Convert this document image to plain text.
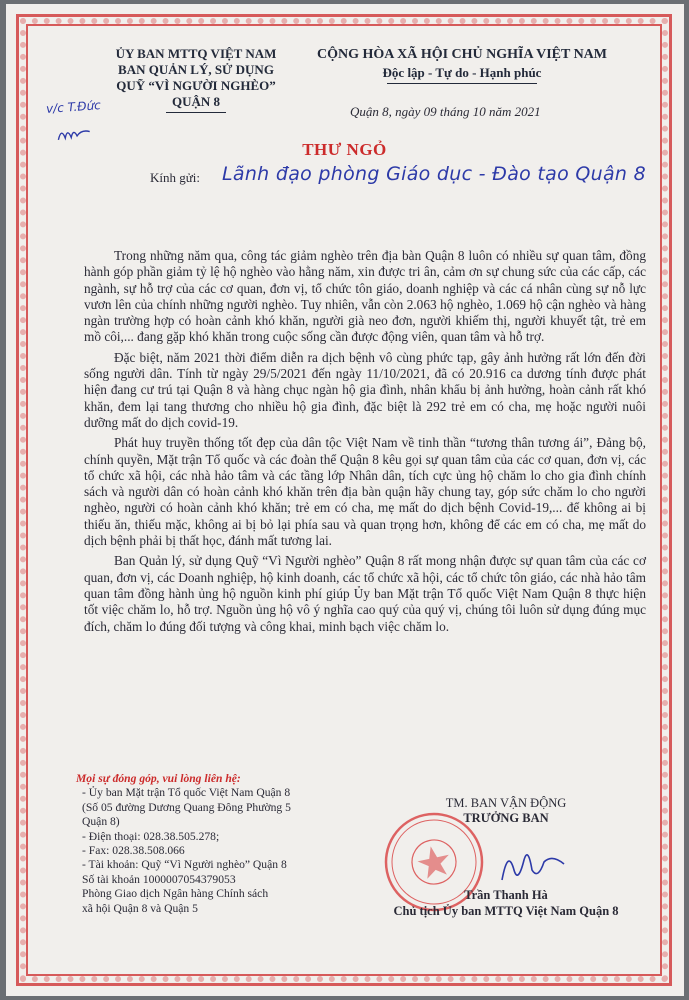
ỦY BAN MTTQ VIỆT NAM
BAN QUẢN LÝ, SỬ DỤNG
QUỸ “VÌ NGƯỜI NGHÈO”
QUẬN 8
CỘNG HÒA XÃ HỘI CHỦ NGHĨA VIỆT NAM
Độc lập - Tự do - Hạnh phúc
v/c T.Đức	Quận 8, ngày 09 tháng 10 năm 2021
THƯ NGỎ
Kính gửi: Lãnh đạo phòng Giáo dục - Đào tạo Quận 8

Trong những năm qua, công tác giảm nghèo trên địa bàn Quận 8 luôn có nhiều sự quan tâm, đồng hành góp phần giảm tỷ lệ hộ nghèo vào hằng năm, xin được tri ân, cảm ơn sự chung sức của các cấp, các ngành, sự hỗ trợ của các cơ quan, đơn vị, tổ chức tôn giáo, doanh nghiệp và các cá nhân cùng sự nỗ lực vươn lên của chính những người nghèo. Tuy nhiên, vẫn còn 2.063 hộ nghèo, 1.069 hộ cận nghèo và hàng ngàn trường hợp có hoàn cảnh khó khăn, người già neo đơn, người khiếm thị, người khuyết tật, trẻ em mồ côi,... đang gặp khó khăn trong cuộc sống cần được động viên, quan tâm và hỗ trợ.

Đặc biệt, năm 2021 thời điểm diễn ra dịch bệnh vô cùng phức tạp, gây ảnh hưởng rất lớn đến đời sống người dân. Tính từ ngày 29/5/2021 đến ngày 11/10/2021, đã có 20.916 ca dương tính được phát hiện đang cư trú tại Quận 8 và hàng chục ngàn hộ gia đình, nhân khẩu bị ảnh hưởng, hoàn cảnh rất khó khăn, đem lại tang thương cho nhiều hộ gia đình, đặc biệt là 292 trẻ em có cha, mẹ hoặc người nuôi dưỡng mất do dịch covid-19.

Phát huy truyền thống tốt đẹp của dân tộc Việt Nam về tinh thần “tương thân tương ái”, Đảng bộ, chính quyền, Mặt trận Tổ quốc và các đoàn thể Quận 8 kêu gọi sự quan tâm của các cơ quan, đơn vị, các tổ chức xã hội, các nhà hảo tâm và các tầng lớp Nhân dân, tích cực ủng hộ chăm lo cho gia đình chính sách và người dân có hoàn cảnh khó khăn trên địa bàn quận hãy chung tay, góp sức chăm lo cho người nghèo, người có hoàn cảnh khó khăn; trẻ em có cha, mẹ mất do dịch bệnh Covid-19,... để không ai bị thiếu ăn, thiếu mặc, không ai bị bỏ lại phía sau và quan trọng hơn, không để các em có cha, mẹ mất do dịch bệnh phải bị thất học, đánh mất tương lai.

Ban Quản lý, sử dụng Quỹ “Vì Người nghèo” Quận 8 rất mong nhận được sự quan tâm của các cơ quan, đơn vị, các Doanh nghiệp, hộ kinh doanh, các tổ chức xã hội, các tổ chức tôn giáo, các nhà hảo tâm quan tâm đồng hành ủng hộ nguồn kinh phí giúp Ủy ban Mặt trận Tổ quốc Việt Nam Quận 8 thực hiện tốt việc chăm lo, hỗ trợ. Nguồn ủng hộ vô ý nghĩa cao quý của quý vị, chúng tôi luôn sử dụng đúng mục đích, chăm lo đúng đối tượng và công khai, minh bạch việc chăm lo.

Mọi sự đóng góp, vui lòng liên hệ:
- Ủy ban Mặt trận Tổ quốc Việt Nam Quận 8
(Số 05 đường Dương Quang Đông Phường 5
Quận 8)
- Điện thoại: 028.38.505.278;
- Fax: 028.38.508.066
- Tài khoản: Quỹ “Vì Người nghèo” Quận 8
Số tài khoản 1000007054379053
Phòng Giao dịch Ngân hàng Chính sách
xã hội Quận 8 và Quận 5
TM. BAN VẬN ĐỘNG
TRƯỞNG BAN
Trần Thanh Hà
Chủ tịch Ủy ban MTTQ Việt Nam Quận 8
